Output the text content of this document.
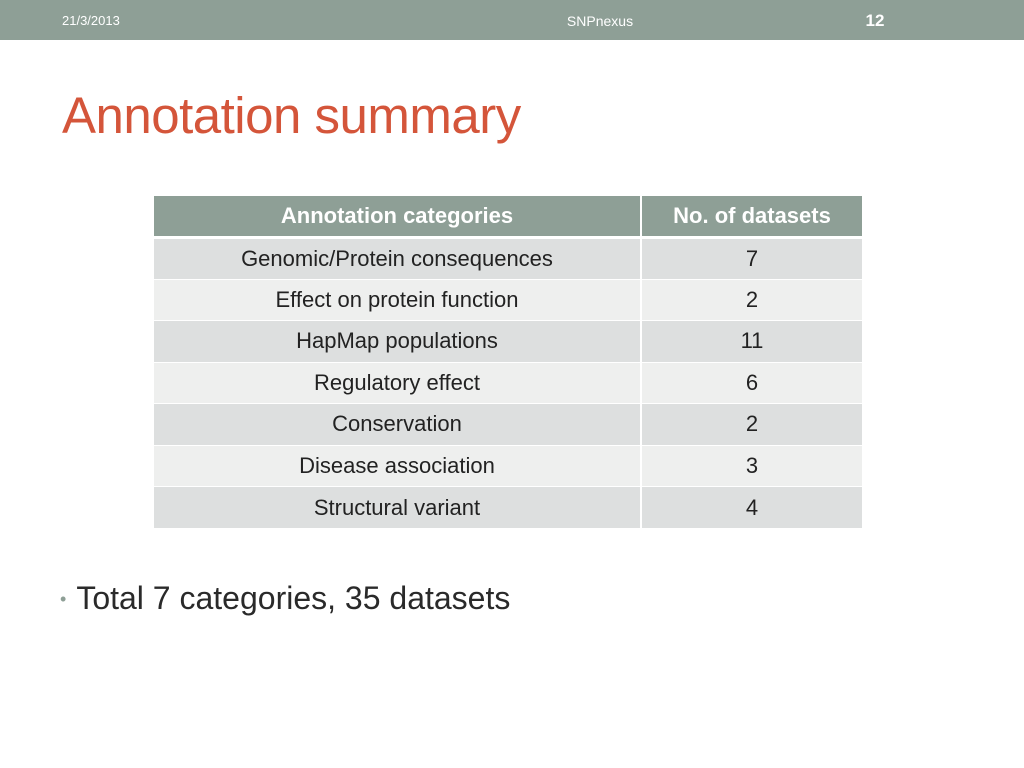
21/3/2013	SNPnexus	12
Annotation summary
Annotation categories	No. of datasets
Genomic/Protein consequences	7
Effect on protein function	2
HapMap populations	11
Regulatory effect	6
Conservation	2
Disease association	3
Structural variant	4
• Total 7 categories, 35 datasets
